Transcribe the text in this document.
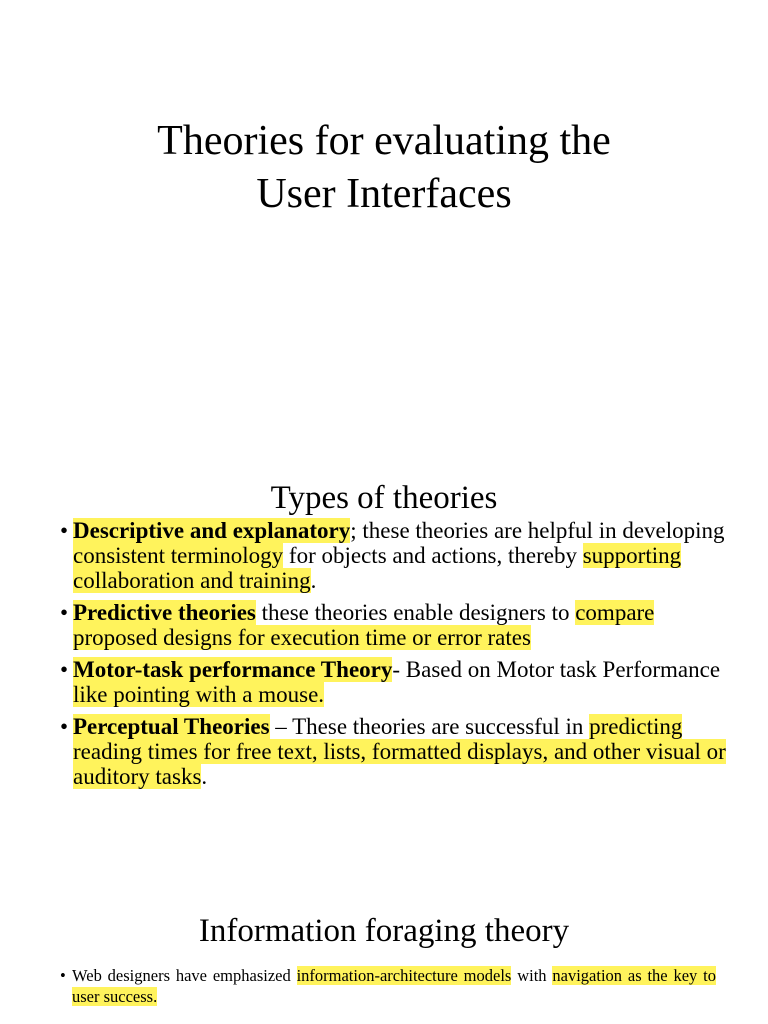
Theories for evaluating the
User Interfaces
Types of theories
• Descriptive and explanatory; these theories are helpful in developing consistent terminology for objects and actions, thereby supporting collaboration and training.
• Predictive theories these theories enable designers to compare proposed designs for execution time or error rates
• Motor-task performance Theory- Based on Motor task Performance like pointing with a mouse.
• Perceptual Theories – These theories are successful in predicting reading times for free text, lists, formatted displays, and other visual or auditory tasks.
Information foraging theory
• Web designers have emphasized information-architecture models with navigation as the key to user success.
